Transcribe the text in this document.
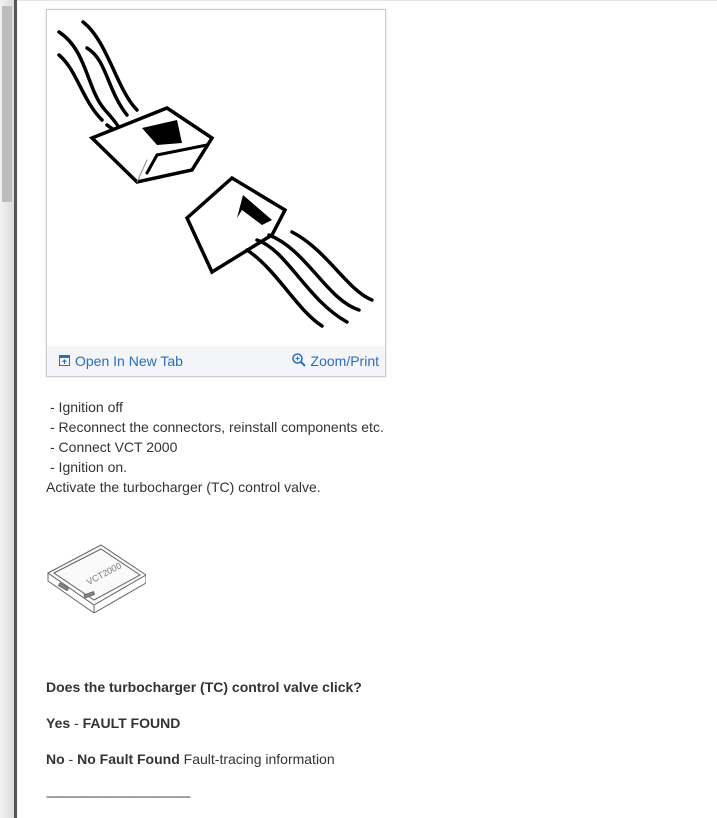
Open In New Tab	Zoom/Print
- Ignition off
- Reconnect the connectors, reinstall components etc.
- Connect VCT 2000
- Ignition on.
Activate the turbocharger (TC) control valve.
VCT2000
Does the turbocharger (TC) control valve click?
Yes - FAULT FOUND
No - No Fault Found Fault-tracing information
------------------------------------------------
